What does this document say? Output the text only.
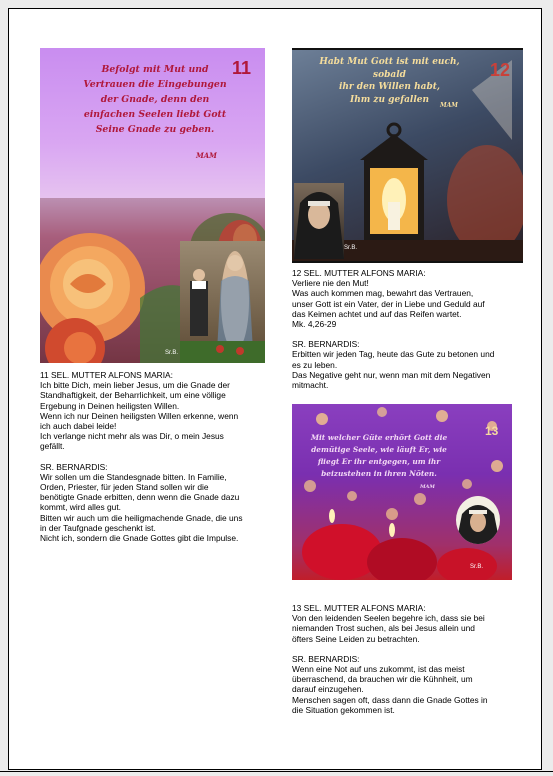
Befolgt mit Mut und
Vertrauen die Eingebungen
der Gnade, denn den
einfachen Seelen liebt Gott
Seine Gnade zu geben.
MAM
11
Sr.B.

11 SEL. MUTTER ALFONS MARIA:

Ich bitte Dich, mein lieber Jesus, um die Gnade der

Standhaftigkeit, der Beharrlichkeit, um eine völlige

Ergebung in Deinen heiligsten Willen.

Wenn ich nur Deinen heiligsten Willen erkenne, wenn

ich auch dabei leide!

Ich verlange nicht mehr als was Dir, o mein Jesus

gefällt.

SR. BERNARDIS:

Wir sollen um die Standesgnade bitten. In Familie,

Orden, Priester, für jeden Stand sollen wir die

benötigte Gnade erbitten, denn wenn die Gnade dazu

kommt, wird alles gut.

Bitten wir auch um die heiligmachende Gnade, die uns

in der Taufgnade geschenkt ist.

Nicht ich, sondern die Gnade Gottes gibt die Impulse.

Habt Mut Gott ist mit euch, sobald
ihr den Willen habt,
Ihm zu gefallen
MAM
12
Sr.B.

12 SEL. MUTTER ALFONS MARIA:

Verliere nie den Mut!

Was auch kommen mag, bewahrt das Vertrauen,

unser Gott ist ein Vater, der in Liebe und Geduld auf

das Keimen achtet und auf das Reifen wartet.

Mk. 4,26-29

SR. BERNARDIS:

Erbitten wir jeden Tag, heute das Gute zu betonen und

es zu leben.

Das Negative geht nur, wenn man mit dem Negativen

mitmacht.

Mit welcher Güte erhört Gott die
demütige Seele, wie läuft Er, wie
fliegt Er ihr entgegen, um ihr
beizustehen in ihren Nöten.
MAM
13
Sr.B.

13 SEL. MUTTER ALFONS MARIA:

Von den leidenden Seelen begehre ich, dass sie bei

niemanden Trost suchen, als bei Jesus allein und

öfters Seine Leiden zu betrachten.

SR. BERNARDIS:

Wenn eine Not auf uns zukommt, ist das meist

überraschend, da brauchen wir die Kühnheit, um

darauf einzugehen.

Menschen sagen oft, dass dann die Gnade Gottes in

die Situation gekommen ist.
